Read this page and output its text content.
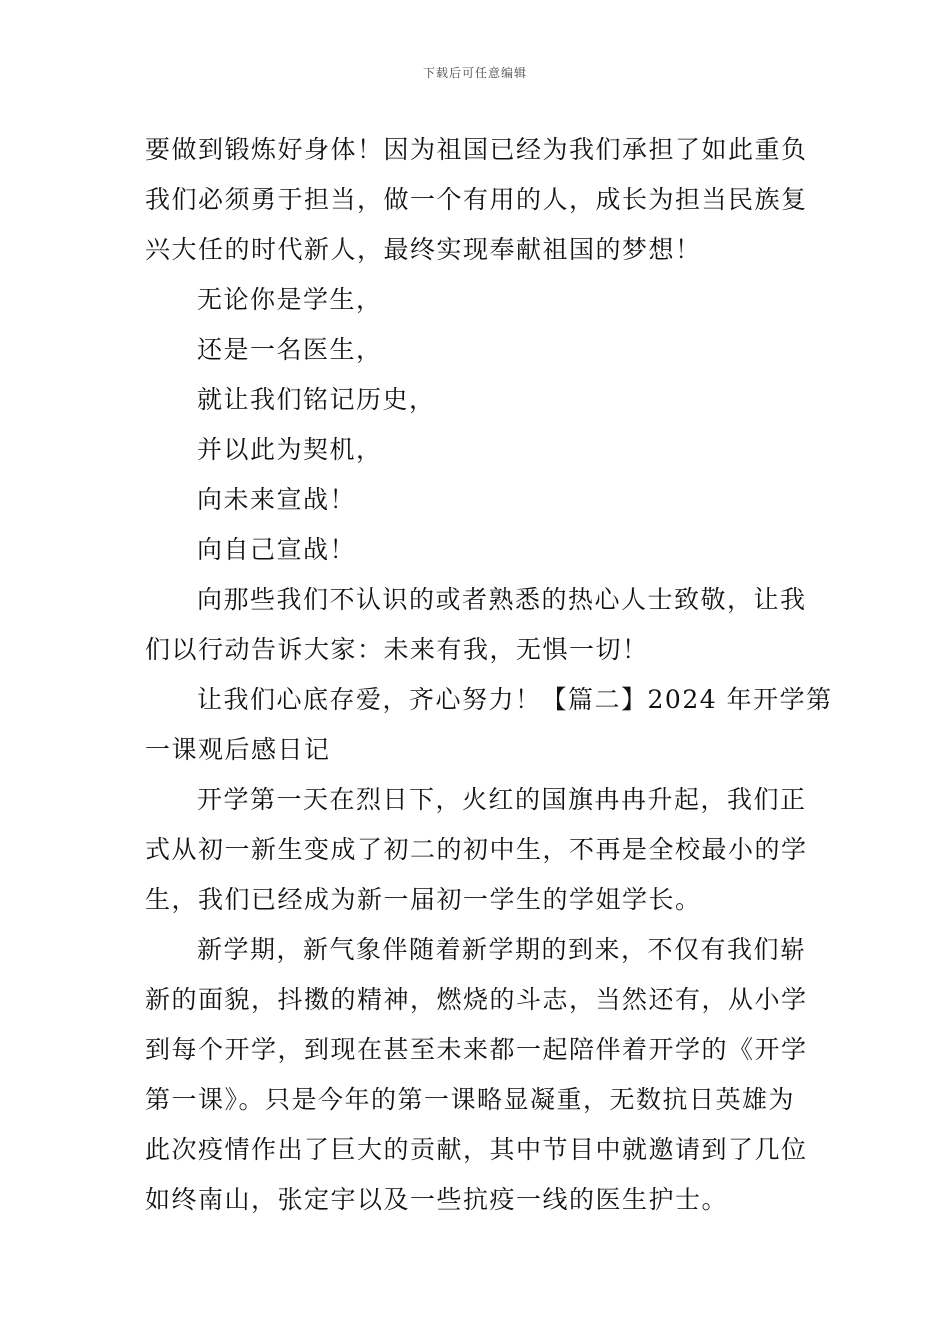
下载后可任意编辑

要做到锻炼好身体！因为祖国已经为我们承担了如此重负

我们必须勇于担当，做一个有用的人，成长为担当民族复

兴大任的时代新人，最终实现奉献祖国的梦想！

无论你是学生，

还是一名医生，

就让我们铭记历史，

并以此为契机，

向未来宣战！

向自己宣战！

向那些我们不认识的或者熟悉的热心人士致敬，让我

们以行动告诉大家：未来有我，无惧一切！

让我们心底存爱，齐心努力！【篇二】2024 年开学第

一课观后感日记

开学第一天在烈日下，火红的国旗冉冉升起，我们正

式从初一新生变成了初二的初中生，不再是全校最小的学

生，我们已经成为新一届初一学生的学姐学长。

新学期，新气象伴随着新学期的到来，不仅有我们崭

新的面貌，抖擞的精神，燃烧的斗志，当然还有，从小学

到每个开学，到现在甚至未来都一起陪伴着开学的《开学

第一课》。只是今年的第一课略显凝重，无数抗日英雄为

此次疫情作出了巨大的贡献，其中节目中就邀请到了几位

如终南山，张定宇以及一些抗疫一线的医生护士。
